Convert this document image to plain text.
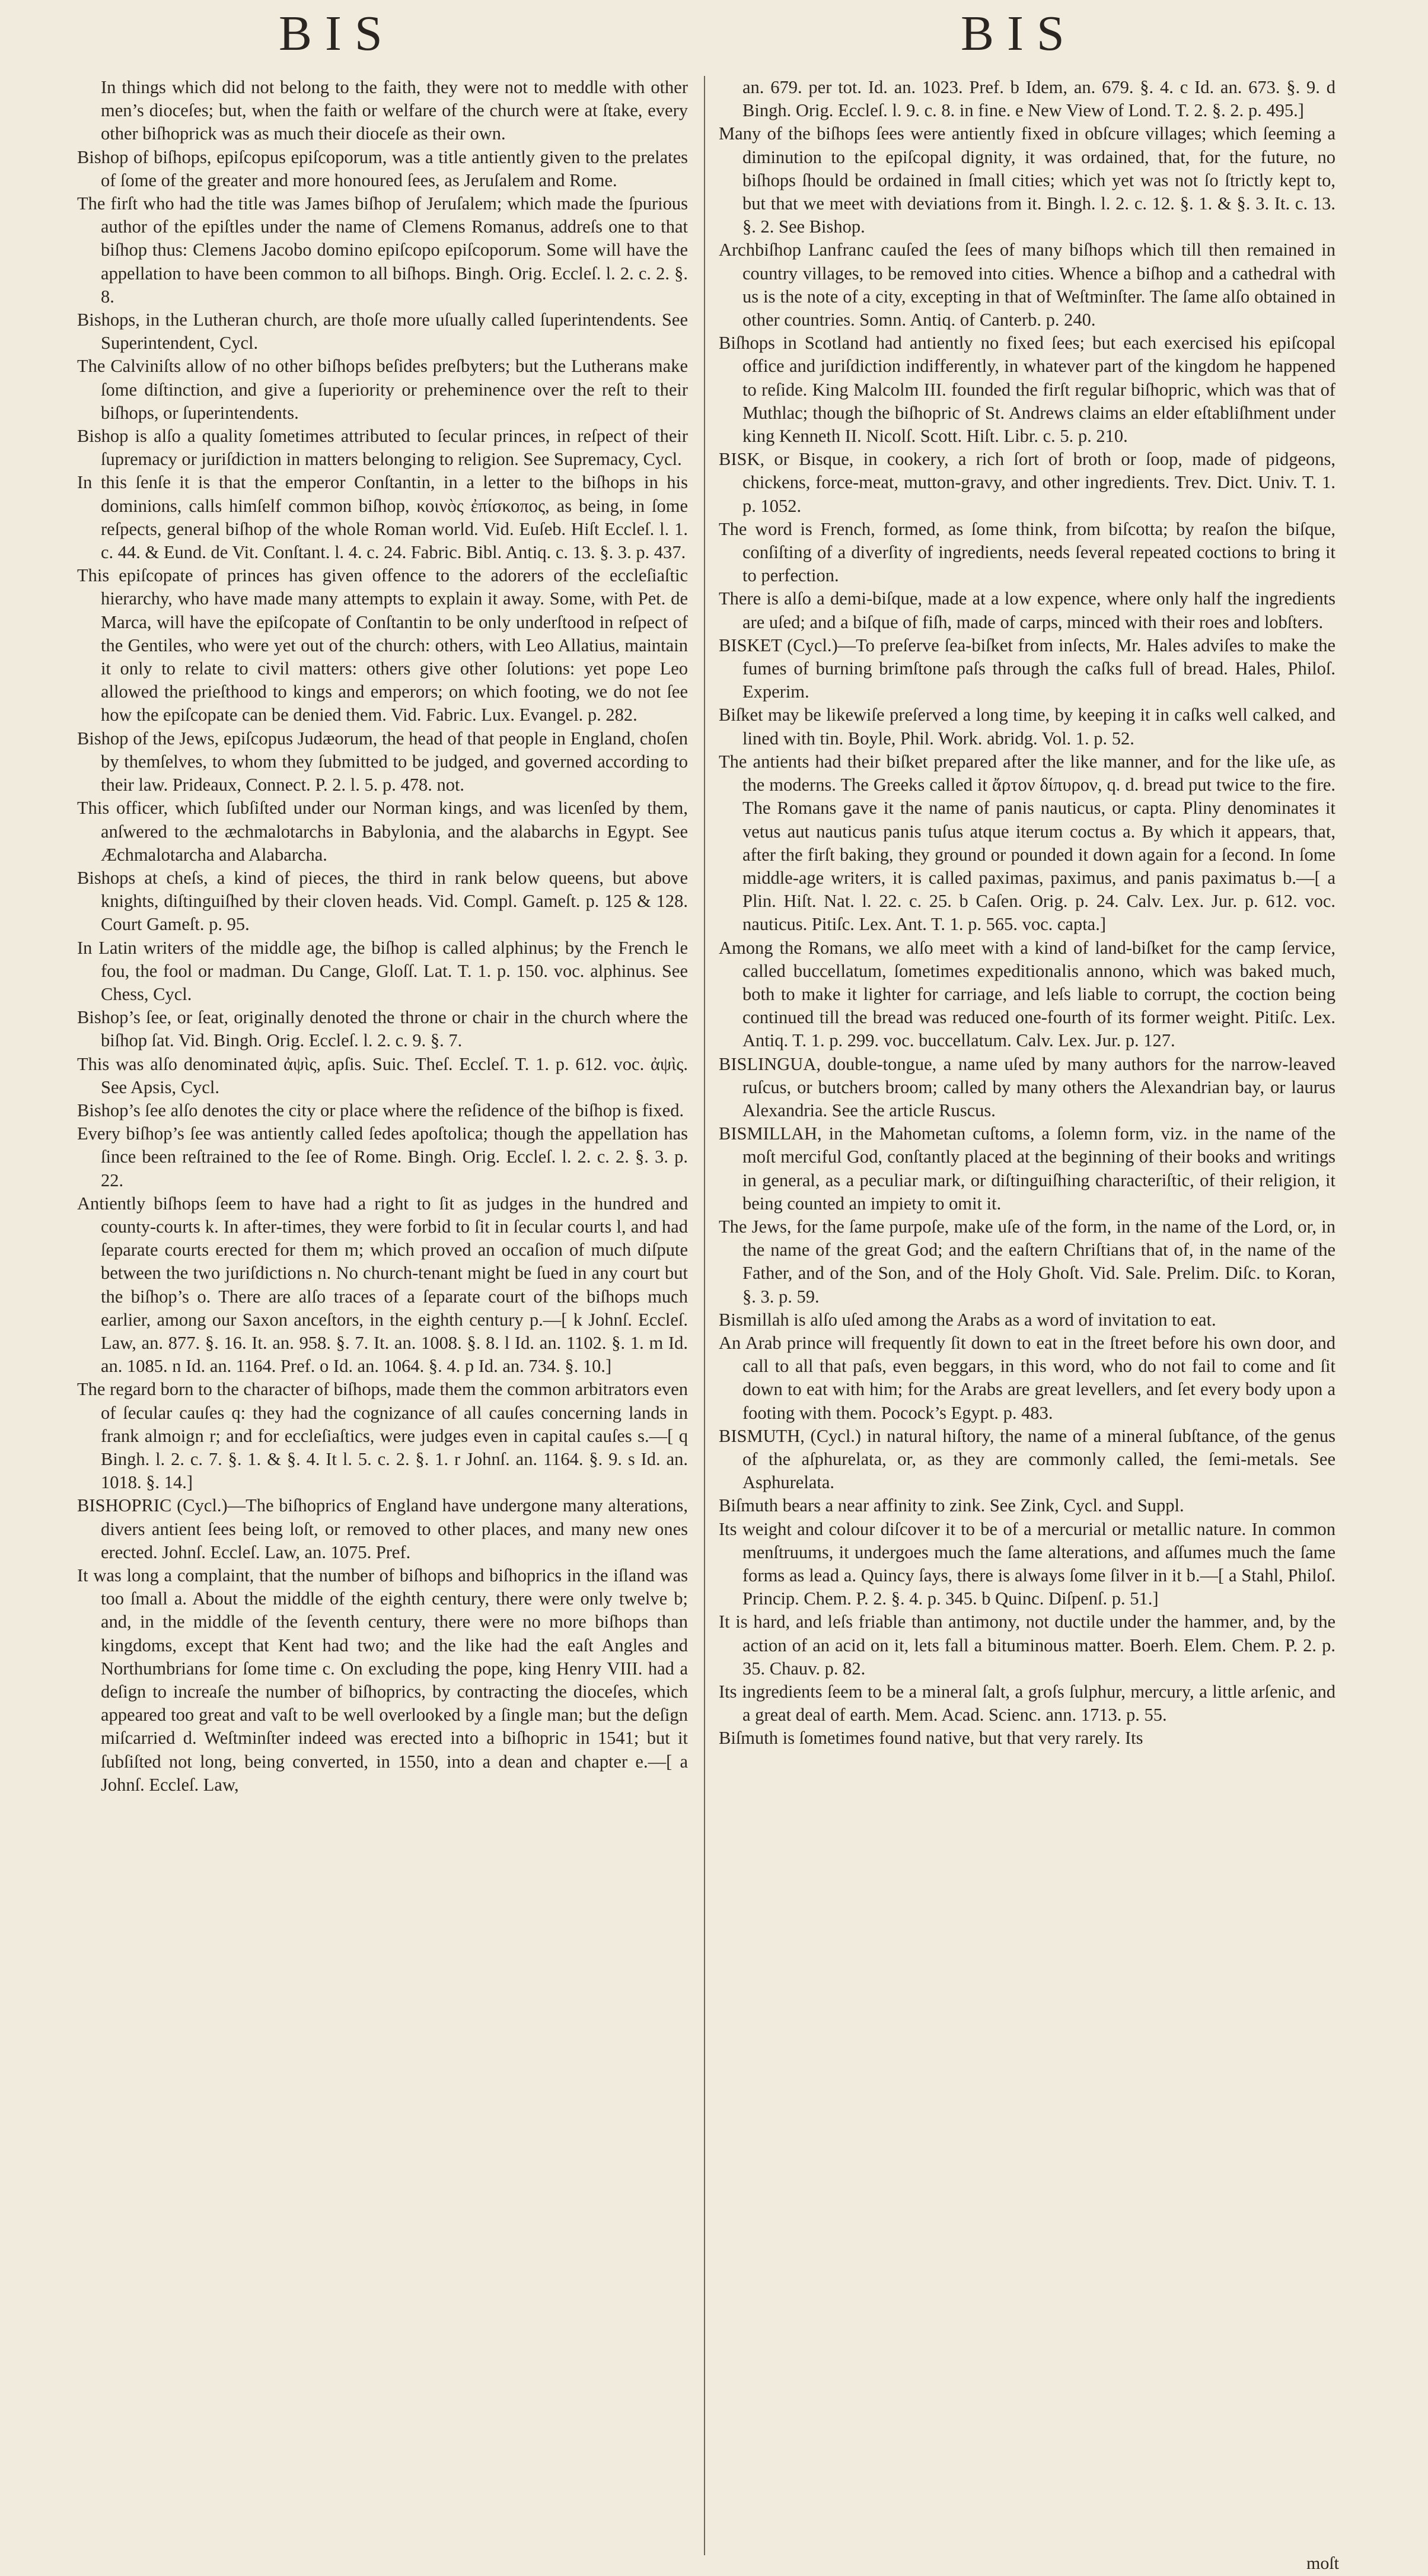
BIS	BIS

In things which did not belong to the faith, they were not to meddle with other men’s dioceſes; but, when the faith or welfare of the church were at ſtake, every other biſhoprick was as much their dioceſe as their own.

Bishop of biſhops, epiſcopus epiſcoporum, was a title antiently given to the prelates of ſome of the greater and more honoured ſees, as Jeruſalem and Rome.

The firſt who had the title was James biſhop of Jeruſalem; which made the ſpurious author of the epiſtles under the name of Clemens Romanus, addreſs one to that biſhop thus: Clemens Jacobo domino epiſcopo epiſcoporum. Some will have the appellation to have been common to all biſhops. Bingh. Orig. Eccleſ. l. 2. c. 2. §. 8.

Bishops, in the Lutheran church, are thoſe more uſually called ſuperintendents. See Superintendent, Cycl.

The Calviniſts allow of no other biſhops beſides preſbyters; but the Lutherans make ſome diſtinction, and give a ſuperiority or preheminence over the reſt to their biſhops, or ſuperintendents.

Bishop is alſo a quality ſometimes attributed to ſecular princes, in reſpect of their ſupremacy or juriſdiction in matters belonging to religion. See Supremacy, Cycl.

In this ſenſe it is that the emperor Conſtantin, in a letter to the biſhops in his dominions, calls himſelf common biſhop, κοινὸς ἐπίσκοπος, as being, in ſome reſpects, general biſhop of the whole Roman world. Vid. Euſeb. Hiſt Eccleſ. l. 1. c. 44. & Eund. de Vit. Conſtant. l. 4. c. 24. Fabric. Bibl. Antiq. c. 13. §. 3. p. 437.

This epiſcopate of princes has given offence to the adorers of the eccleſiaſtic hierarchy, who have made many attempts to explain it away. Some, with Pet. de Marca, will have the epiſcopate of Conſtantin to be only underſtood in reſpect of the Gentiles, who were yet out of the church: others, with Leo Allatius, maintain it only to relate to civil matters: others give other ſolutions: yet pope Leo allowed the prieſthood to kings and emperors; on which footing, we do not ſee how the epiſcopate can be denied them. Vid. Fabric. Lux. Evangel. p. 282.

Bishop of the Jews, epiſcopus Judæorum, the head of that people in England, choſen by themſelves, to whom they ſubmitted to be judged, and governed according to their law. Prideaux, Connect. P. 2. l. 5. p. 478. not.

This officer, which ſubſiſted under our Norman kings, and was licenſed by them, anſwered to the æchmalotarchs in Babylonia, and the alabarchs in Egypt. See Æchmalotarcha and Alabarcha.

Bishops at cheſs, a kind of pieces, the third in rank below queens, but above knights, diſtinguiſhed by their cloven heads. Vid. Compl. Gameſt. p. 125 & 128. Court Gameſt. p. 95.

In Latin writers of the middle age, the biſhop is called alphinus; by the French le fou, the fool or madman. Du Cange, Gloſſ. Lat. T. 1. p. 150. voc. alphinus. See Chess, Cycl.

Bishop’s ſee, or ſeat, originally denoted the throne or chair in the church where the biſhop ſat. Vid. Bingh. Orig. Eccleſ. l. 2. c. 9. §. 7.

This was alſo denominated ἀψὶς, apſis. Suic. Theſ. Eccleſ. T. 1. p. 612. voc. ἀψὶς. See Apsis, Cycl.

Bishop’s ſee alſo denotes the city or place where the reſidence of the biſhop is fixed.

Every biſhop’s ſee was antiently called ſedes apoſtolica; though the appellation has ſince been reſtrained to the ſee of Rome. Bingh. Orig. Eccleſ. l. 2. c. 2. §. 3. p. 22.

Antiently biſhops ſeem to have had a right to ſit as judges in the hundred and county-courts k. In after-times, they were forbid to ſit in ſecular courts l, and had ſeparate courts erected for them m; which proved an occaſion of much diſpute between the two juriſdictions n. No church-tenant might be ſued in any court but the biſhop’s o. There are alſo traces of a ſeparate court of the biſhops much earlier, among our Saxon anceſtors, in the eighth century p.—[ k Johnſ. Eccleſ. Law, an. 877. §. 16. It. an. 958. §. 7. It. an. 1008. §. 8. l Id. an. 1102. §. 1. m Id. an. 1085. n Id. an. 1164. Pref. o Id. an. 1064. §. 4. p Id. an. 734. §. 10.]

The regard born to the character of biſhops, made them the common arbitrators even of ſecular cauſes q: they had the cognizance of all cauſes concerning lands in frank almoign r; and for eccleſiaſtics, were judges even in capital cauſes s.—[ q Bingh. l. 2. c. 7. §. 1. & §. 4. It l. 5. c. 2. §. 1. r Johnſ. an. 1164. §. 9. s Id. an. 1018. §. 14.]

BISHOPRIC (Cycl.)—The biſhoprics of England have undergone many alterations, divers antient ſees being loſt, or removed to other places, and many new ones erected. Johnſ. Eccleſ. Law, an. 1075. Pref.

It was long a complaint, that the number of biſhops and biſhoprics in the iſland was too ſmall a. About the middle of the eighth century, there were only twelve b; and, in the middle of the ſeventh century, there were no more biſhops than kingdoms, except that Kent had two; and the like had the eaſt Angles and Northumbrians for ſome time c. On excluding the pope, king Henry VIII. had a deſign to increaſe the number of biſhoprics, by contracting the dioceſes, which appeared too great and vaſt to be well overlooked by a ſingle man; but the deſign miſcarried d. Weſtminſter indeed was erected into a biſhopric in 1541; but it ſubſiſted not long, being converted, in 1550, into a dean and chapter e.—[ a Johnſ. Eccleſ. Law,

an. 679. per tot. Id. an. 1023. Pref. b Idem, an. 679. §. 4. c Id. an. 673. §. 9. d Bingh. Orig. Eccleſ. l. 9. c. 8. in fine. e New View of Lond. T. 2. §. 2. p. 495.]

Many of the biſhops ſees were antiently fixed in obſcure villages; which ſeeming a diminution to the epiſcopal dignity, it was ordained, that, for the future, no biſhops ſhould be ordained in ſmall cities; which yet was not ſo ſtrictly kept to, but that we meet with deviations from it. Bingh. l. 2. c. 12. §. 1. & §. 3. It. c. 13. §. 2. See Bishop.

Archbiſhop Lanfranc cauſed the ſees of many biſhops which till then remained in country villages, to be removed into cities. Whence a biſhop and a cathedral with us is the note of a city, excepting in that of Weſtminſter. The ſame alſo obtained in other countries. Somn. Antiq. of Canterb. p. 240.

Biſhops in Scotland had antiently no fixed ſees; but each exercised his epiſcopal office and juriſdiction indifferently, in whatever part of the kingdom he happened to reſide. King Malcolm III. founded the firſt regular biſhopric, which was that of Muthlac; though the biſhopric of St. Andrews claims an elder eſtabliſhment under king Kenneth II. Nicolſ. Scott. Hiſt. Libr. c. 5. p. 210.

BISK, or Bisque, in cookery, a rich ſort of broth or ſoop, made of pidgeons, chickens, force-meat, mutton-gravy, and other ingredients. Trev. Dict. Univ. T. 1. p. 1052.

The word is French, formed, as ſome think, from biſcotta; by reaſon the biſque, conſiſting of a diverſity of ingredients, needs ſeveral repeated coctions to bring it to perfection.

There is alſo a demi-biſque, made at a low expence, where only half the ingredients are uſed; and a biſque of fiſh, made of carps, minced with their roes and lobſters.

BISKET (Cycl.)—To preſerve ſea-biſket from inſects, Mr. Hales adviſes to make the fumes of burning brimſtone paſs through the caſks full of bread. Hales, Philoſ. Experim.

Biſket may be likewiſe preſerved a long time, by keeping it in caſks well calked, and lined with tin. Boyle, Phil. Work. abridg. Vol. 1. p. 52.

The antients had their biſket prepared after the like manner, and for the like uſe, as the moderns. The Greeks called it ἄρτον δίπυρον, q. d. bread put twice to the fire. The Romans gave it the name of panis nauticus, or capta. Pliny denominates it vetus aut nauticus panis tuſus atque iterum coctus a. By which it appears, that, after the firſt baking, they ground or pounded it down again for a ſecond. In ſome middle-age writers, it is called paximas, paximus, and panis paximatus b.—[ a Plin. Hiſt. Nat. l. 22. c. 25. b Caſen. Orig. p. 24. Calv. Lex. Jur. p. 612. voc. nauticus. Pitiſc. Lex. Ant. T. 1. p. 565. voc. capta.]

Among the Romans, we alſo meet with a kind of land-biſket for the camp ſervice, called buccellatum, ſometimes expeditionalis annono, which was baked much, both to make it lighter for carriage, and leſs liable to corrupt, the coction being continued till the bread was reduced one-fourth of its former weight. Pitiſc. Lex. Antiq. T. 1. p. 299. voc. buccellatum. Calv. Lex. Jur. p. 127.

BISLINGUA, double-tongue, a name uſed by many authors for the narrow-leaved ruſcus, or butchers broom; called by many others the Alexandrian bay, or laurus Alexandria. See the article Ruscus.

BISMILLAH, in the Mahometan cuſtoms, a ſolemn form, viz. in the name of the moſt merciful God, conſtantly placed at the beginning of their books and writings in general, as a peculiar mark, or diſtinguiſhing characteriſtic, of their religion, it being counted an impiety to omit it.

The Jews, for the ſame purpoſe, make uſe of the form, in the name of the Lord, or, in the name of the great God; and the eaſtern Chriſtians that of, in the name of the Father, and of the Son, and of the Holy Ghoſt. Vid. Sale. Prelim. Diſc. to Koran, §. 3. p. 59.

Bismillah is alſo uſed among the Arabs as a word of invitation to eat.

An Arab prince will frequently ſit down to eat in the ſtreet before his own door, and call to all that paſs, even beggars, in this word, who do not fail to come and ſit down to eat with him; for the Arabs are great levellers, and ſet every body upon a footing with them. Pocock’s Egypt. p. 483.

BISMUTH, (Cycl.) in natural hiſtory, the name of a mineral ſubſtance, of the genus of the aſphurelata, or, as they are commonly called, the ſemi-metals. See Asphurelata.

Biſmuth bears a near affinity to zink. See Zink, Cycl. and Suppl.

Its weight and colour diſcover it to be of a mercurial or metallic nature. In common menſtruums, it undergoes much the ſame alterations, and aſſumes much the ſame forms as lead a. Quincy ſays, there is always ſome ſilver in it b.—[ a Stahl, Philoſ. Princip. Chem. P. 2. §. 4. p. 345. b Quinc. Diſpenſ. p. 51.]

It is hard, and leſs friable than antimony, not ductile under the hammer, and, by the action of an acid on it, lets fall a bituminous matter. Boerh. Elem. Chem. P. 2. p. 35. Chauv. p. 82.

Its ingredients ſeem to be a mineral ſalt, a groſs ſulphur, mercury, a little arſenic, and a great deal of earth. Mem. Acad. Scienc. ann. 1713. p. 55.

Biſmuth is ſometimes found native, but that very rarely. Its

moſt
